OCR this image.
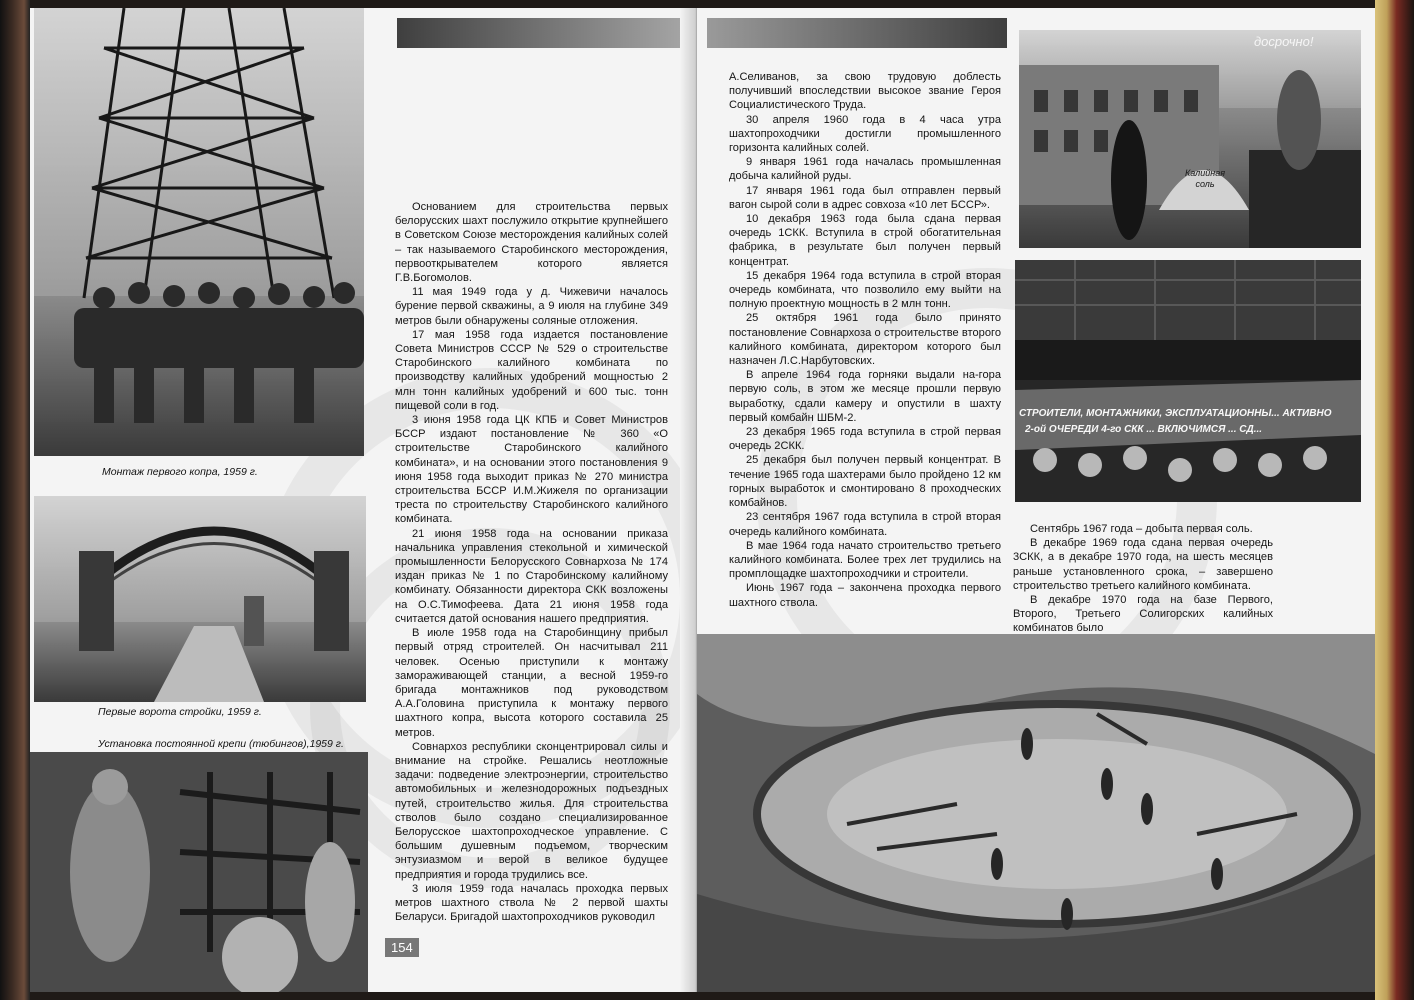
Монтаж первого копра, 1959 г.
Первые ворота стройки, 1959 г.
Установка постоянной крепи (тюбингов),1959 г.

Основанием для строительства первых белорусских шахт послужило открытие крупнейшего в Советском Союзе месторождения калийных солей – так называемого Старобинского месторождения, первооткрывателем которого является Г.В.Богомолов.

11 мая 1949 года у д. Чижевичи началось бурение первой скважины, а 9 июля на глубине 349 метров были обнаружены соляные отложения.

17 мая 1958 года издается постановление Совета Министров СССР № 529 о строительстве Старобинского калийного комбината по производству калийных удобрений мощностью 2 млн тонн калийных удобрений и 600 тыс. тонн пищевой соли в год.

3 июня 1958 года ЦК КПБ и Совет Министров БССР издают постановление № 360 «О строительстве Старобинского калийного комбината», и на основании этого постановления 9 июня 1958 года выходит приказ № 270 министра строительства БССР И.М.Жижеля по организации треста по строительству Старобинского калийного комбината.

21 июня 1958 года на основании приказа начальника управления стекольной и химической промышленности Белорусского Совнархоза № 174 издан приказ № 1 по Старобинскому калийному комбинату. Обязанности директора СКК возложены на О.С.Тимофеева. Дата 21 июня 1958 года считается датой основания нашего предприятия.

В июле 1958 года на Старобинщину прибыл первый отряд строителей. Он насчитывал 211 человек. Осенью приступили к монтажу замораживающей станции, а весной 1959-го бригада монтажников под руководством А.А.Головина приступила к монтажу первого шахтного копра, высота которого составила 25 метров.

Совнархоз республики сконцентрировал силы и внимание на стройке. Решались неотложные задачи: подведение электроэнергии, строительство автомобильных и железнодорожных подъездных путей, строительство жилья. Для строительства стволов было создано специализированное Белорусское шахтопроходческое управление. С большим душевным подъемом, творческим энтузиазмом и верой в великое будущее предприятия и города трудились все.

3 июля 1959 года началась проходка первых метров шахтного ствола № 2 первой шахты Беларуси. Бригадой шахтопроходчиков руководил

154

А.Селиванов, за свою трудовую доблесть получивший впоследствии высокое звание Героя Социалистического Труда.

30 апреля 1960 года в 4 часа утра шахтопроходчики достигли промышленного горизонта калийных солей.

9 января 1961 года началась промышленная добыча калийной руды.

17 января 1961 года был отправлен первый вагон сырой соли в адрес совхоза «10 лет БССР».

10 декабря 1963 года была сдана первая очередь 1СКК. Вступила в строй обогатительная фабрика, в результате был получен первый концентрат.

15 декабря 1964 года вступила в строй вторая очередь комбината, что позволило ему выйти на полную проектную мощность в 2 млн тонн.

25 октября 1961 года было принято постановление Совнархоза о строительстве второго калийного комбината, директором которого был назначен Л.С.Нарбутовских.

В апреле 1964 года горняки выдали на-гора первую соль, в этом же месяце прошли первую выработку, сдали камеру и опустили в шахту первый комбайн ШБМ-2.

23 декабря 1965 года вступила в строй первая очередь 2СКК.

25 декабря был получен первый концентрат. В течение 1965 года шахтерами было пройдено 12 км горных выработок и смонтировано 8 проходческих комбайнов.

23 сентября 1967 года вступила в строй вторая очередь калийного комбината.

В мае 1964 года начато строительство третьего калийного комбината. Более трех лет трудились на промплощадке шахтопроходчики и строители.

Июнь 1967 года – закончена проходка первого шахтного ствола.

досрочно!
Калийная соль
СТРОИТЕЛИ, МОНТАЖНИКИ, ЭКСПЛУАТАЦИОННЫ... АКТИВНО
2-ой ОЧЕРЕДИ 4-го СКК ... ВКЛЮЧИМСЯ ... СД...

Сентябрь 1967 года – добыта первая соль.

В декабре 1969 года сдана первая очередь 3СКК, а в декабре 1970 года, на шесть месяцев раньше установленного срока, – завершено строительство третьего калийного комбината.

В декабре 1970 года на базе Первого, Второго, Третьего Солигорских калийных комбинатов было
